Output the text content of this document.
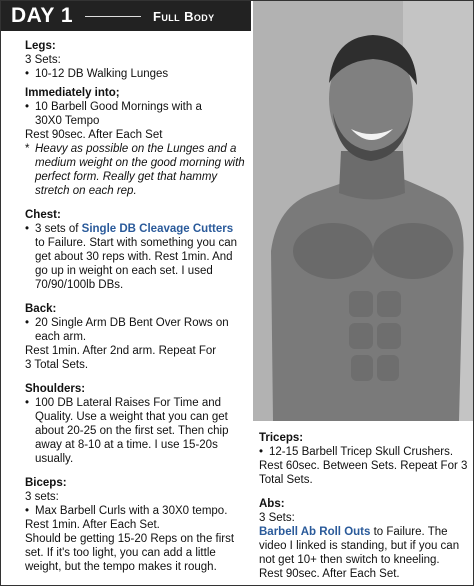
DAY 1	Full Body

Legs:

3 Sets:

• 10-12 DB Walking Lunges

Immediately into;

• 10 Barbell Good Mornings with a
30X0 Tempo

Rest 90sec. After Each Set

* Heavy as possible on the Lunges and a
medium weight on the good morning with
perfect form. Really get that hammy
stretch on each rep.

Chest:

• 3 sets of Single DB Cleavage Cutters
to Failure. Start with something you can
get about 30 reps with. Rest 1min. And
go up in weight on each set. I used
70/90/100lb DBs.

Back:

• 20 Single Arm DB Bent Over Rows on
each arm.

Rest 1min. After 2nd arm. Repeat For
3 Total Sets.

Shoulders:

• 100 DB Lateral Raises For Time and
Quality. Use a weight that you can get
about 20-25 on the first set. Then chip
away at 8-10 at a time. I use 15-20s
usually.

Biceps:

3 sets:

• Max Barbell Curls with a 30X0 tempo.

Rest 1min. After Each Set.

Should be getting 15-20 Reps on the first
set. If it's too light, you can add a little
weight, but the tempo makes it rough.

Triceps:

• 12-15 Barbell Tricep Skull Crushers.

Rest 60sec. Between Sets. Repeat For 3
Total Sets.

Abs:

3 Sets:

Barbell Ab Roll Outs to Failure. The
video I linked is standing, but if you can
not get 10+ then switch to kneeling.
Rest 90sec. After Each Set.
